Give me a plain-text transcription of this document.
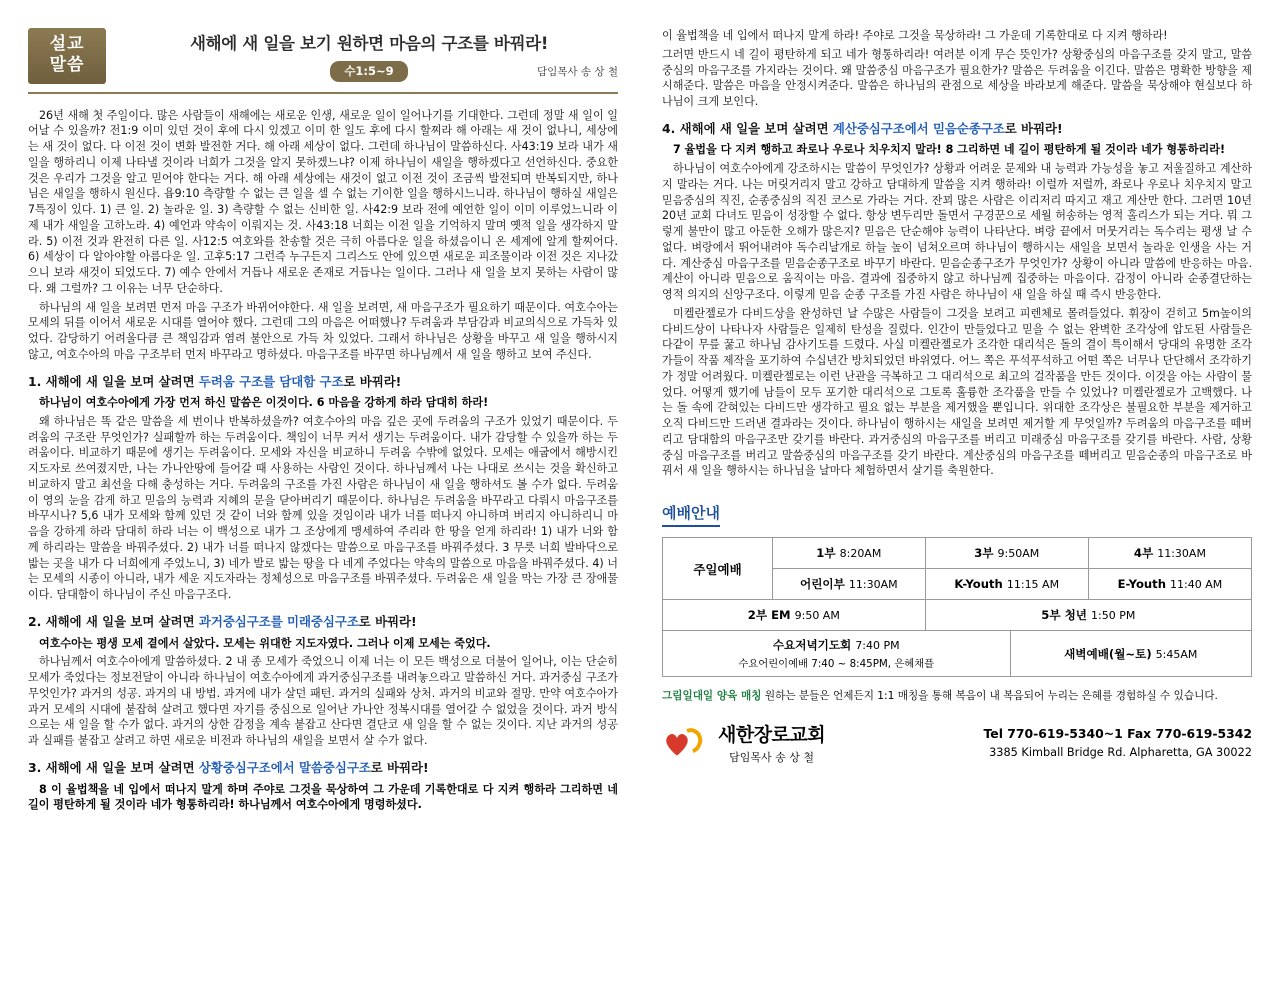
설교
말씀
새해에 새 일을 보기 원하면 마음의 구조를 바꿔라!
수1:5~9	담임목사 송 상 철

26년 새해 첫 주일이다. 많은 사람들이 새해에는 새로운 인생, 새로운 일이 일어나기를 기대한다. 그런데 정말 새 일이 일어날 수 있을까? 전1:9 이미 있던 것이 후에 다시 있겠고 이미 한 일도 후에 다시 할찌라 해 아래는 새 것이 없나니, 세상에는 새 것이 없다. 다 이전 것이 변화 발전한 거다. 해 아래 세상이 없다. 그런데 하나님이 말씀하신다. 사43:19 보라 내가 새 일을 행하리니 이제 나타낼 것이라 너희가 그것을 알지 못하겠느냐? 이제 하나님이 새일을 행하겠다고 선언하신다. 중요한 것은 우리가 그것을 알고 믿어야 한다는 거다. 해 아래 세상에는 새것이 없고 이전 것이 조금씩 발전되며 반복되지만, 하나님은 새일을 행하시 원신다. 욥9:10 측량할 수 없는 큰 일을 셀 수 없는 기이한 일을 행하시느니라. 하나님이 행하실 새일은 7특징이 있다. 1) 큰 일. 2) 놀라운 일. 3) 측량할 수 없는 신비한 일. 사42:9 보라 전에 예언한 일이 이미 이루었느니라 이제 내가 새일을 고하노라. 4) 예언과 약속이 이뤄지는 것. 사43:18 너희는 이전 일을 기억하지 말며 옛적 일을 생각하지 말라. 5) 이전 것과 완전히 다른 일. 사12:5 여호와를 찬송할 것은 극히 아름다운 일을 하셨음이니 온 세계에 알게 할찌어다. 6) 세상이 다 알아야할 아름다운 일. 고후5:17 그런즉 누구든지 그리스도 안에 있으면 새로운 피조물이라 이전 것은 지나갔으니 보라 새것이 되었도다. 7) 예수 안에서 거듭나 새로운 존재로 거듭나는 일이다. 그러나 새 일을 보지 못하는 사람이 많다. 왜 그럴까? 그 이유는 너무 단순하다.

하나님의 새 일을 보려면 먼저 마음 구조가 바뀌어야한다. 새 일을 보려면, 새 마음구조가 필요하기 때문이다. 여호수아는 모세의 뒤를 이어서 새로운 시대를 열어야 했다. 그런데 그의 마음은 어떠했나? 두려움과 부담감과 비교의식으로 가득차 있었다. 감당하기 어려울다큼 큰 책임감과 염려 불안으로 가득 차 있었다. 그래서 하나님은 상황을 바꾸고 새 일을 행하시지 않고, 여호수아의 마음 구조부터 먼저 바꾸라고 명하셨다. 마음구조를 바꾸면 하나님께서 새 일을 행하고 보여 주신다.

1. 새해에 새 일을 보며 살려면 두려움 구조를 담대함 구조로 바꿔라!

하나님이 여호수아에게 가장 먼저 하신 말씀은 이것이다. 6 마음을 강하게 하라 담대히 하라!

왜 하나님은 똑 같은 말씀을 세 번이나 반복하셨을까? 여호수아의 마음 깊은 곳에 두려움의 구조가 있었기 때문이다. 두려움의 구조란 무엇인가? 실패할까 하는 두려움이다. 책임이 너무 커서 생기는 두려움이다. 내가 감당할 수 있을까 하는 두려움이다. 비교하기 때문에 생기는 두려움이다. 모세와 자신을 비교하니 두려움 수밖에 없었다. 모세는 애굽에서 해방시킨 지도자로 쓰여졌지만, 나는 가나안땅에 들어갈 때 사용하는 사람인 것이다. 하나님께서 나는 나대로 쓰시는 것을 확신하고 비교하지 말고 최선을 다해 충성하는 거다. 두려움의 구조를 가진 사람은 하나님이 새 일을 행하셔도 볼 수가 없다. 두려움이 영의 눈을 감게 하고 믿음의 능력과 지혜의 문을 닫아버리기 때문이다. 하나님은 두려움을 바꾸라고 다뤄시 마음구조를 바꾸시나? 5,6 내가 모세와 함께 있던 것 같이 너와 함께 있을 것임이라 내가 너를 떠나지 아니하며 버리지 아니하리니 마음을 강하게 하라 담대히 하라 너는 이 백성으로 내가 그 조상에게 맹세하여 주리라 한 땅을 얻게 하리라! 1) 내가 너와 함께 하리라는 말씀을 바꿔주셨다. 2) 내가 너를 떠나지 않겠다는 말씀으로 마음구조를 바꿔주셨다. 3 무릇 너희 발바닥으로 밟는 곳을 내가 다 너희에게 주었노니, 3) 네가 발로 밟는 땅을 다 네게 주었다는 약속의 말씀으로 마음을 바꿔주셨다. 4) 너는 모세의 시종이 아니라, 내가 세운 지도자라는 정체성으로 마음구조를 바꿔주셨다. 두려움은 새 일을 막는 가장 큰 장애물이다. 담대함이 하나님이 주신 마음구조다.

2. 새해에 새 일을 보며 살려면 과거중심구조를 미래중심구조로 바꿔라!

여호수아는 평생 모세 곁에서 살았다. 모세는 위대한 지도자였다. 그러나 이제 모세는 죽었다.

하나님께서 여호수아에게 말씀하셨다. 2 내 종 모세가 죽었으니 이제 너는 이 모든 백성으로 더불어 일어나, 이는 단순히 모세가 죽었다는 정보전달이 아니라 하나님이 여호수아에게 과거중심구조를 내려놓으라고 말씀하신 거다. 과거중심 구조가 무엇인가? 과거의 성공. 과거의 내 방법. 과거에 내가 살던 패턴. 과거의 실패와 상처. 과거의 비교와 절망. 만약 여호수아가 과거 모세의 시대에 붙잡혀 살려고 했다면 자기를 중심으로 일어난 가나안 정복시대를 열어갈 수 없었을 것이다. 과거 방식으로는 새 일을 할 수가 없다. 과거의 상한 감정을 계속 붙잡고 산다면 결단코 새 일을 할 수 없는 것이다. 지난 과거의 성공과 실패를 붙잡고 살려고 하면 새로운 비전과 하나님의 새일을 보면서 살 수가 없다.

3. 새해에 새 일을 보며 살려면 상황중심구조에서 말씀중심구조로 바꿔라!

8 이 율법책을 네 입에서 떠나지 말게 하며 주야로 그것을 묵상하여 그 가운데 기록한대로 다 지켜 행하라 그리하면 네 길이 평탄하게 될 것이라 네가 형통하리라! 하나님께서 여호수아에게 명령하셨다.

이 율법책을 네 입에서 떠나지 말게 하라! 주야로 그것을 묵상하라! 그 가운데 기록한대로 다 지켜 행하라!

그러면 반드시 네 길이 평탄하게 되고 네가 형통하리라! 여러분 이게 무슨 뜻인가? 상황중심의 마음구조를 갖지 말고, 말씀중심의 마음구조를 가지라는 것이다. 왜 말씀중심 마음구조가 필요한가? 말씀은 두려움을 이긴다. 말씀은 명확한 방향을 제시해준다. 말씀은 마음을 안정시켜준다. 말씀은 하나님의 관점으로 세상을 바라보게 해준다. 말씀을 묵상해야 현실보다 하나님이 크게 보인다.

4. 새해에 새 일을 보며 살려면 계산중심구조에서 믿음순종구조로 바꿔라!

7 율법을 다 지켜 행하고 좌로나 우로나 치우치지 말라! 8 그리하면 네 길이 평탄하게 될 것이라 네가 형통하리라!

하나님이 여호수아에게 강조하시는 말씀이 무엇인가? 상황과 어려운 문제와 내 능력과 가능성을 놓고 저울질하고 계산하지 말라는 거다. 나는 머릿거리지 말고 강하고 담대하게 말씀을 지켜 행하라! 이럴까 저럴까, 좌로나 우로나 치우치지 말고 믿음중심의 직진, 순종중심의 직진 코스로 가라는 거다. 잔꾀 많은 사람은 이리저리 따지고 재고 계산만 한다. 그러면 10년 20년 교회 다녀도 믿음이 성장할 수 없다. 항상 변두리만 돌면서 구경꾼으로 세월 허송하는 영적 홀리스가 되는 거다. 뭐 그렇게 불만이 많고 아둔한 오해가 많은지? 믿음은 단순해야 능력이 나타난다. 벼랑 끝에서 머뭇거리는 독수리는 평생 날 수 없다. 벼랑에서 뛰어내려야 독수리날개로 하늘 높이 넘쳐오르며 하나님이 행하시는 새일을 보면서 놀라운 인생을 사는 거다. 계산중심 마음구조를 믿음순종구조로 바꾸기 바란다. 믿음순종구조가 무엇인가? 상황이 아니라 말씀에 반응하는 마음. 계산이 아니라 믿음으로 움직이는 마음. 결과에 집중하지 않고 하나님께 집중하는 마음이다. 감정이 아니라 순종결단하는 영적 의지의 신앙구조다. 이렇게 믿음 순종 구조를 가진 사람은 하나님이 새 일을 하실 때 즉시 반응한다.

미켈란젤로가 다비드상을 완성하던 날 수많은 사람들이 그것을 보려고 피렌체로 몰려들었다. 휘장이 걷히고 5m높이의 다비드상이 나타나자 사람들은 일제히 탄성을 질렀다. 인간이 만들었다고 믿을 수 없는 완벽한 조각상에 압도된 사람들은 다같이 무릎 꿇고 하나님 감사기도를 드렸다. 사실 미켈란젤로가 조각한 대리석은 돌의 결이 특이해서 당대의 유명한 조각가들이 작품 제작을 포기하여 수십년간 방치되었던 바위였다. 어느 쪽은 푸석푸석하고 어떤 쪽은 너무나 단단해서 조각하기가 정말 어려웠다. 미켈란젤로는 이런 난관을 극복하고 그 대리석으로 최고의 걸작품을 만든 것이다. 이것을 아는 사람이 물었다. 어떻게 했기에 남들이 모두 포기한 대리석으로 그토록 훌륭한 조각품을 만들 수 있었나? 미켈란젤로가 고백했다. 나는 돌 속에 갇혀있는 다비드만 생각하고 필요 없는 부분을 제거했을 뿐입니다. 위대한 조각상은 불필요한 부분을 제거하고 오직 다비드만 드러낸 결과라는 것이다. 하나님이 행하시는 새일을 보려면 제거할 게 무엇일까? 두려움의 마음구조를 떼버리고 담대함의 마음구조만 갖기를 바란다. 과거중심의 마음구조를 버리고 미래중심 마음구조를 갖기를 바란다. 사람, 상황중심 마음구조를 버리고 말씀중심의 마음구조를 갖기 바란다. 계산중심의 마음구조를 떼버리고 믿음순종의 마음구조로 바꿔서 새 일을 행하시는 하나님을 날마다 체험하면서 살기를 축원한다.

예배안내
주일예배	1부 8:20AM	3부 9:50AM	4부 11:30AM
	어린이부 11:30AM	K-Youth 11:15 AM	E-Youth 11:40 AM
2부 EM 9:50 AM		5부 청년 1:50 PM	
수요저녁기도회 7:40 PM
수요어린이예배 7:40 ~ 8:45PM, 은혜채플
	새벽예배(월~토) 5:45AM
그림일대일 양육 매칭 원하는 분들은 언제든지 1:1 매칭을 통해 복음이 내 복음되어 누리는 은혜를 경험하실 수 있습니다.
새한장로교회
담임목사 송 상 철
Tel 770-619-5340~1 Fax 770-619-5342
3385 Kimball Bridge Rd. Alpharetta, GA 30022
